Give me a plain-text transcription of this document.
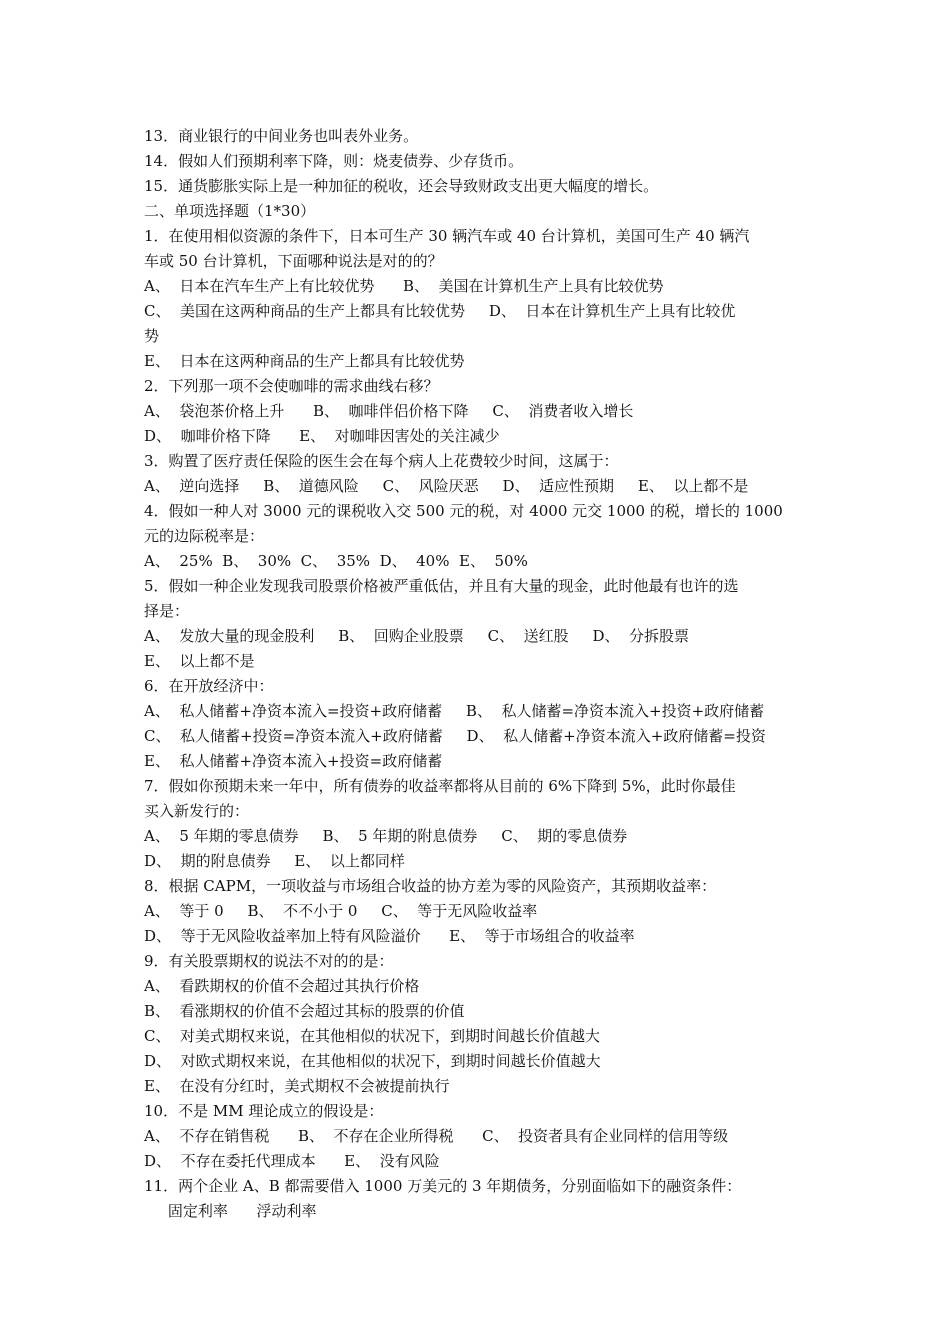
13．商业银行的中间业务也叫表外业务。
14．假如人们预期利率下降，则：烧麦债券、少存货币。
15．通货膨胀实际上是一种加征的税收，还会导致财政支出更大幅度的增长。
二、单项选择题（1*30）
1．在使用相似资源的条件下，日本可生产 30 辆汽车或 40 台计算机，美国可生产 40 辆汽
车或 50 台计算机，下面哪种说法是对的的？
A、  日本在汽车生产上有比较优势      B、  美国在计算机生产上具有比较优势
C、  美国在这两种商品的生产上都具有比较优势     D、  日本在计算机生产上具有比较优
势
E、  日本在这两种商品的生产上都具有比较优势
2．下列那一项不会使咖啡的需求曲线右移？
A、  袋泡茶价格上升      B、  咖啡伴侣价格下降     C、  消费者收入增长
D、  咖啡价格下降      E、  对咖啡因害处的关注减少
3．购置了医疗责任保险的医生会在每个病人上花费较少时间，这属于：
A、  逆向选择     B、  道德风险     C、  风险厌恶     D、  适应性预期     E、  以上都不是
4．假如一种人对 3000 元的课税收入交 500 元的税，对 4000 元交 1000 的税，增长的 1000
元的边际税率是：
A、  25%  B、  30%  C、  35%  D、  40%  E、  50%
5．假如一种企业发现我司股票价格被严重低估，并且有大量的现金，此时他最有也许的选
择是：
A、  发放大量的现金股利     B、  回购企业股票     C、  送红股     D、  分拆股票
E、  以上都不是
6．在开放经济中：
A、  私人储蓄+净资本流入=投资+政府储蓄     B、  私人储蓄=净资本流入+投资+政府储蓄
C、  私人储蓄+投资=净资本流入+政府储蓄     D、  私人储蓄+净资本流入+政府储蓄=投资
E、  私人储蓄+净资本流入+投资=政府储蓄
7．假如你预期未来一年中，所有债券的收益率都将从目前的 6%下降到 5%，此时你最佳
买入新发行的：
A、  5 年期的零息债券     B、  5 年期的附息债券     C、  期的零息债券
D、  期的附息债券     E、  以上都同样
8．根据 CAPM，一项收益与市场组合收益的协方差为零的风险资产，其预期收益率：
A、  等于 0     B、  不不小于 0     C、  等于无风险收益率
D、  等于无风险收益率加上特有风险溢价      E、  等于市场组合的收益率
9．有关股票期权的说法不对的的是：
A、  看跌期权的价值不会超过其执行价格
B、  看涨期权的价值不会超过其标的股票的价值
C、  对美式期权来说，在其他相似的状况下，到期时间越长价值越大
D、  对欧式期权来说，在其他相似的状况下，到期时间越长价值越大
E、  在没有分红时，美式期权不会被提前执行
10．不是 MM 理论成立的假设是：
A、  不存在销售税      B、  不存在企业所得税      C、  投资者具有企业同样的信用等级
D、  不存在委托代理成本      E、  没有风险
11．两个企业 A、B 都需要借入 1000 万美元的 3 年期债务，分别面临如下的融资条件：
固定利率      浮动利率
